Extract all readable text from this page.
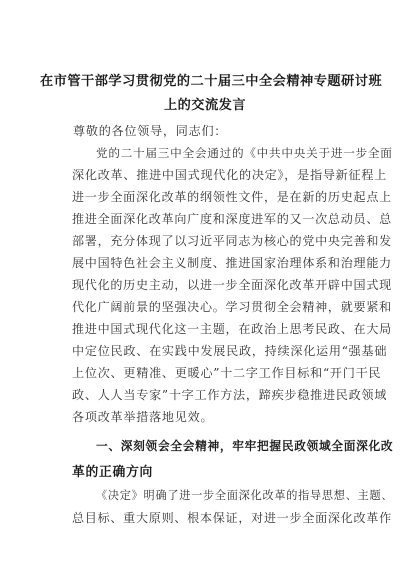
在市管干部学习贯彻党的二十届三中全会精神专题研讨班
上的交流发言
尊敬的各位领导，同志们：
党的二十届三中全会通过的《中共中央关于进一步全面
深化改革、推进中国式现代化的决定》，是指导新征程上
进一步全面深化改革的纲领性文件，是在新的历史起点上
推进全面深化改革向广度和深度进军的又一次总动员、总
部署，充分体现了以习近平同志为核心的党中央完善和发
展中国特色社会主义制度、推进国家治理体系和治理能力
现代化的历史主动，以进一步全面深化改革开辟中国式现
代化广阔前景的坚强决心。学习贯彻全会精神，就要紧和
推进中国式现代化这一主题，在政治上思考民政、在大局
中定位民政、在实践中发展民政，持续深化运用“强基础
上位次、更精准、更暖心”十二字工作目标和“开门干民
政、人人当专家”十字工作方法，蹄疾步稳推进民政领域
各项改革举措落地见效。
一、深刻领会全会精神，牢牢把握民政领域全面深化改
革的正确方向
《决定》明确了进一步全面深化改革的指导思想、主题、
总目标、重大原则、根本保证，对进一步全面深化改革作
